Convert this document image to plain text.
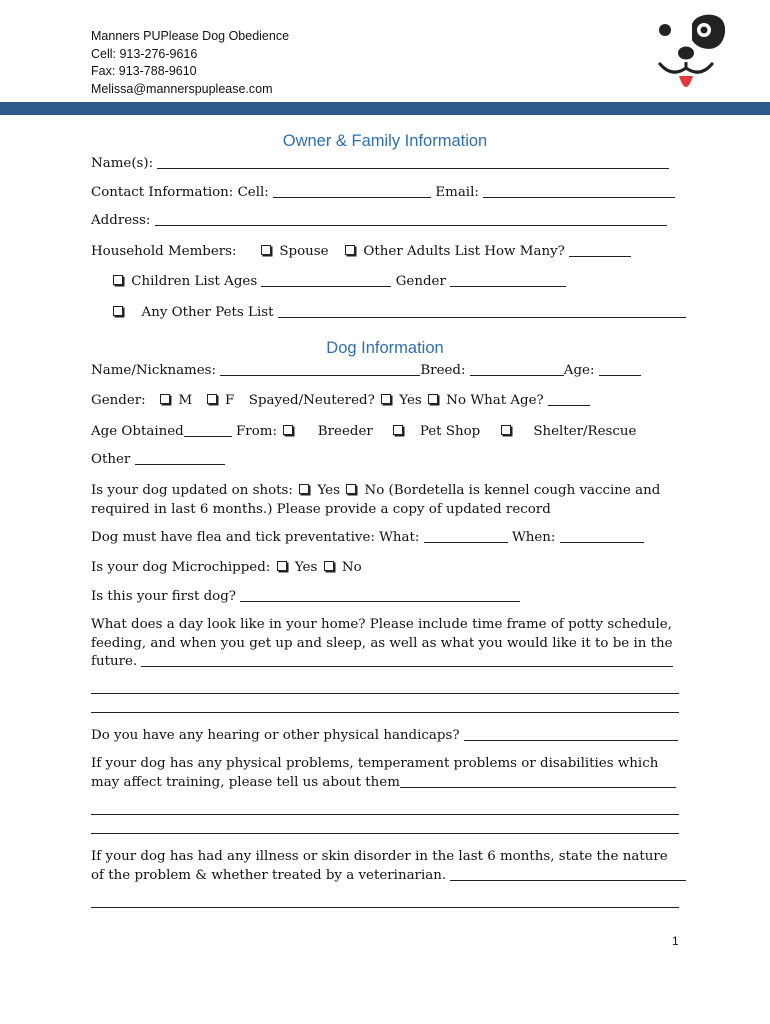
Manners PUPlease Dog Obedience
Cell: 913-276-9616
Fax: 913-788-9610
Melissa@mannerspuplease.com
Owner & Family Information
Name(s):
Contact Information: Cell:	Email:
Address:
Household Members:	Spouse	Other Adults List How Many?
Children List Ages	Gender
Any Other Pets List
Dog Information
Name/Nicknames:	Breed:	Age:
Gender: M F Spayed/Neutered? Yes No What Age?
Age Obtained	From:	Breeder	Pet Shop	Shelter/Rescue
Other
Is your dog updated on shots: Yes No (Bordetella is kennel cough vaccine and
required in last 6 months.) Please provide a copy of updated record
Dog must have flea and tick preventative: What:	When:
Is your dog Microchipped: Yes No
Is this your first dog?
What does a day look like in your home? Please include time frame of potty schedule,
feeding, and when you get up and sleep, as well as what you would like it to be in the
future.
Do you have any hearing or other physical handicaps?
If your dog has any physical problems, temperament problems or disabilities which
may affect training, please tell us about them
If your dog has had any illness or skin disorder in the last 6 months, state the nature
of the problem & whether treated by a veterinarian.
1
